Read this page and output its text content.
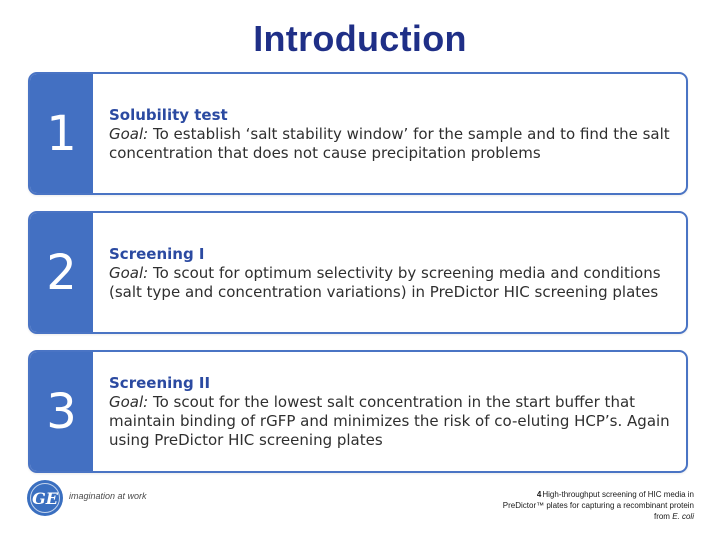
Introduction
1	Solubility test
Goal: To establish ‘salt stability window’ for the sample and to find the salt concentration that does not cause precipitation problems
2	Screening I
Goal: To scout for optimum selectivity by screening media and conditions (salt type and concentration variations) in PreDictor HIC screening plates
3
Screening II
Goal: To scout for the lowest salt concentration in the start buffer that maintain binding of rGFP and minimizes the risk of co-eluting HCP’s. Again using PreDictor HIC screening plates
GE	imagination at work	4High-throughput screening of HIC media in PreDictor™ plates for capturing a recombinant protein from E. coli
